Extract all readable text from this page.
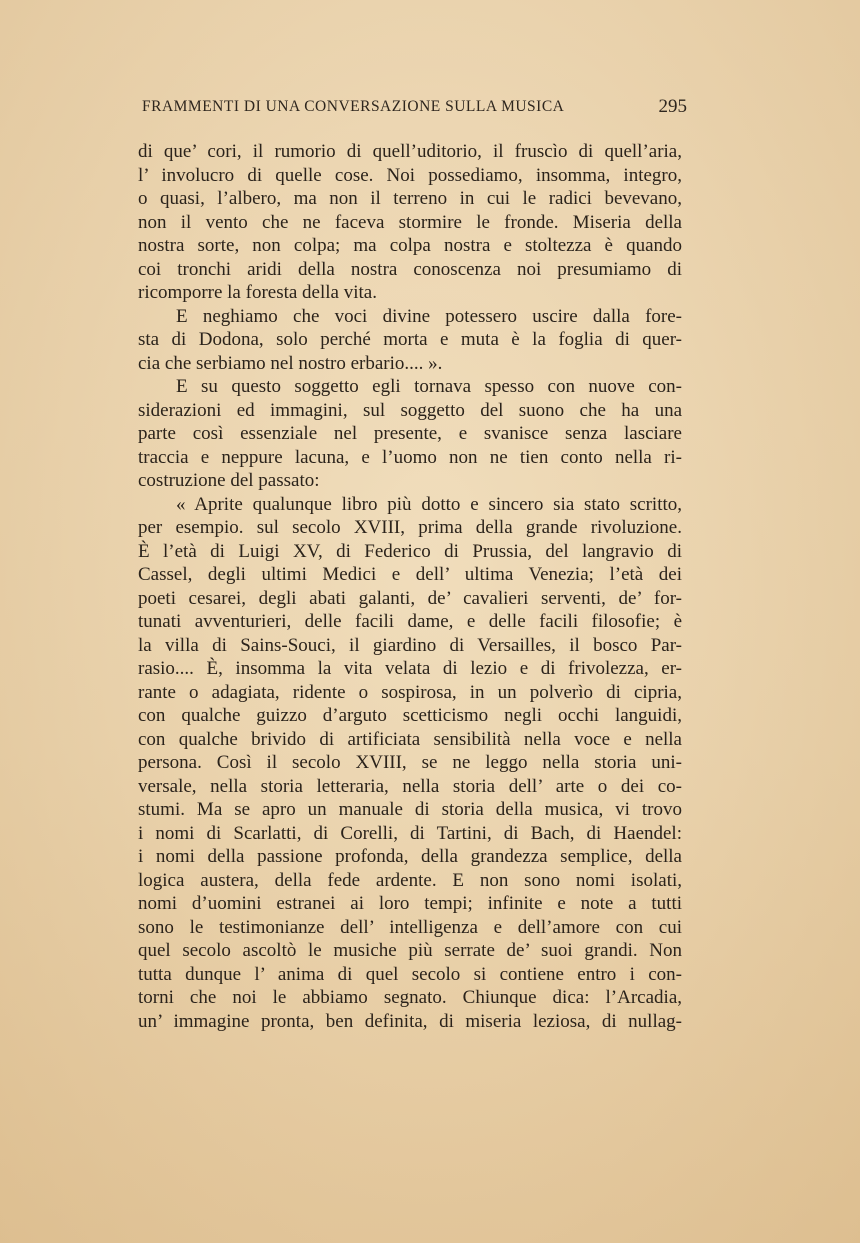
FRAMMENTI DI UNA CONVERSAZIONE SULLA MUSICA	295
di que’ cori, il rumorio di quell’uditorio, il fruscìo di quell’aria,
l’ involucro di quelle cose. Noi possediamo, insomma, integro,
o quasi, l’albero, ma non il terreno in cui le radici bevevano,
non il vento che ne faceva stormire le fronde. Miseria della
nostra sorte, non colpa; ma colpa nostra e stoltezza è quando
coi tronchi aridi della nostra conoscenza noi presumiamo di
ricomporre la foresta della vita.
E neghiamo che voci divine potessero uscire dalla fore-
sta di Dodona, solo perché morta e muta è la foglia di quer-
cia che serbiamo nel nostro erbario.... ».
E su questo soggetto egli tornava spesso con nuove con-
siderazioni ed immagini, sul soggetto del suono che ha una
parte così essenziale nel presente, e svanisce senza lasciare
traccia e neppure lacuna, e l’uomo non ne tien conto nella ri-
costruzione del passato:
« Aprite qualunque libro più dotto e sincero sia stato scritto,
per esempio. sul secolo XVIII, prima della grande rivoluzione.
È l’età di Luigi XV, di Federico di Prussia, del langravio di
Cassel, degli ultimi Medici e dell’ ultima Venezia; l’età dei
poeti cesarei, degli abati galanti, de’ cavalieri serventi, de’ for-
tunati avventurieri, delle facili dame, e delle facili filosofie; è
la villa di Sains-Souci, il giardino di Versailles, il bosco Par-
rasio.... È, insomma la vita velata di lezio e di frivolezza, er-
rante o adagiata, ridente o sospirosa, in un polverìo di cipria,
con qualche guizzo d’arguto scetticismo negli occhi languidi,
con qualche brivido di artificiata sensibilità nella voce e nella
persona. Così il secolo XVIII, se ne leggo nella storia uni-
versale, nella storia letteraria, nella storia dell’ arte o dei co-
stumi. Ma se apro un manuale di storia della musica, vi trovo
i nomi di Scarlatti, di Corelli, di Tartini, di Bach, di Haendel:
i nomi della passione profonda, della grandezza semplice, della
logica austera, della fede ardente. E non sono nomi isolati,
nomi d’uomini estranei ai loro tempi; infinite e note a tutti
sono le testimonianze dell’ intelligenza e dell’amore con cui
quel secolo ascoltò le musiche più serrate de’ suoi grandi. Non
tutta dunque l’ anima di quel secolo si contiene entro i con-
torni che noi le abbiamo segnato. Chiunque dica: l’Arcadia,
un’ immagine pronta, ben definita, di miseria leziosa, di nullag-
